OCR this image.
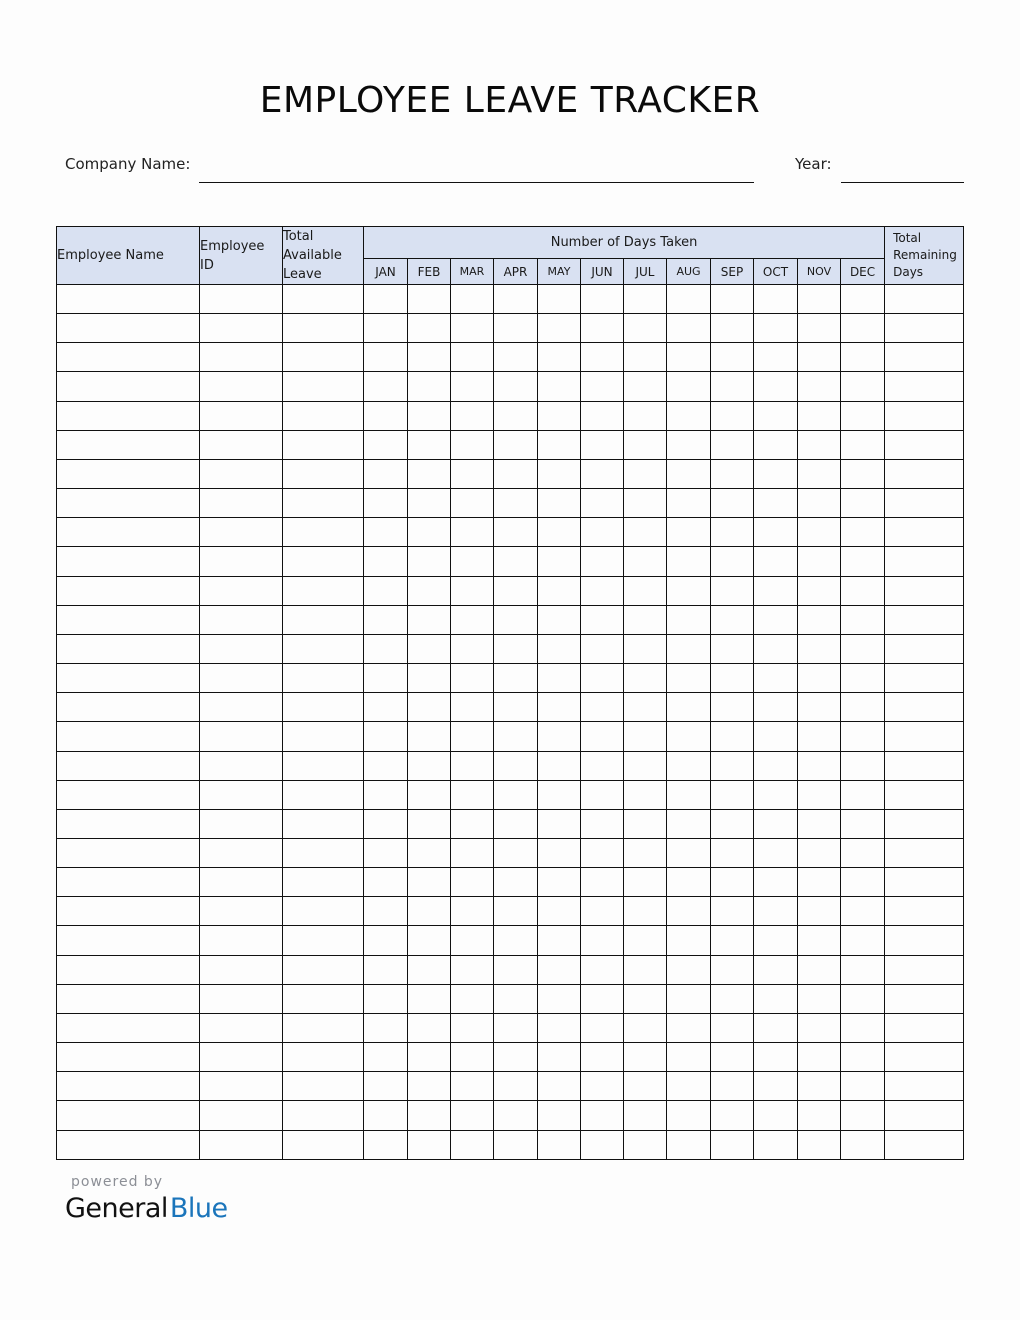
EMPLOYEE LEAVE TRACKER
Company Name:	Year:
Employee Name	Employee ID	Total Available Leave	Number of Days Taken												Total Remaining Days
			JAN	FEB	MAR	APR	MAY	JUN	JUL	AUG	SEP	OCT	NOV	DEC	

powered by
GeneralBlue
